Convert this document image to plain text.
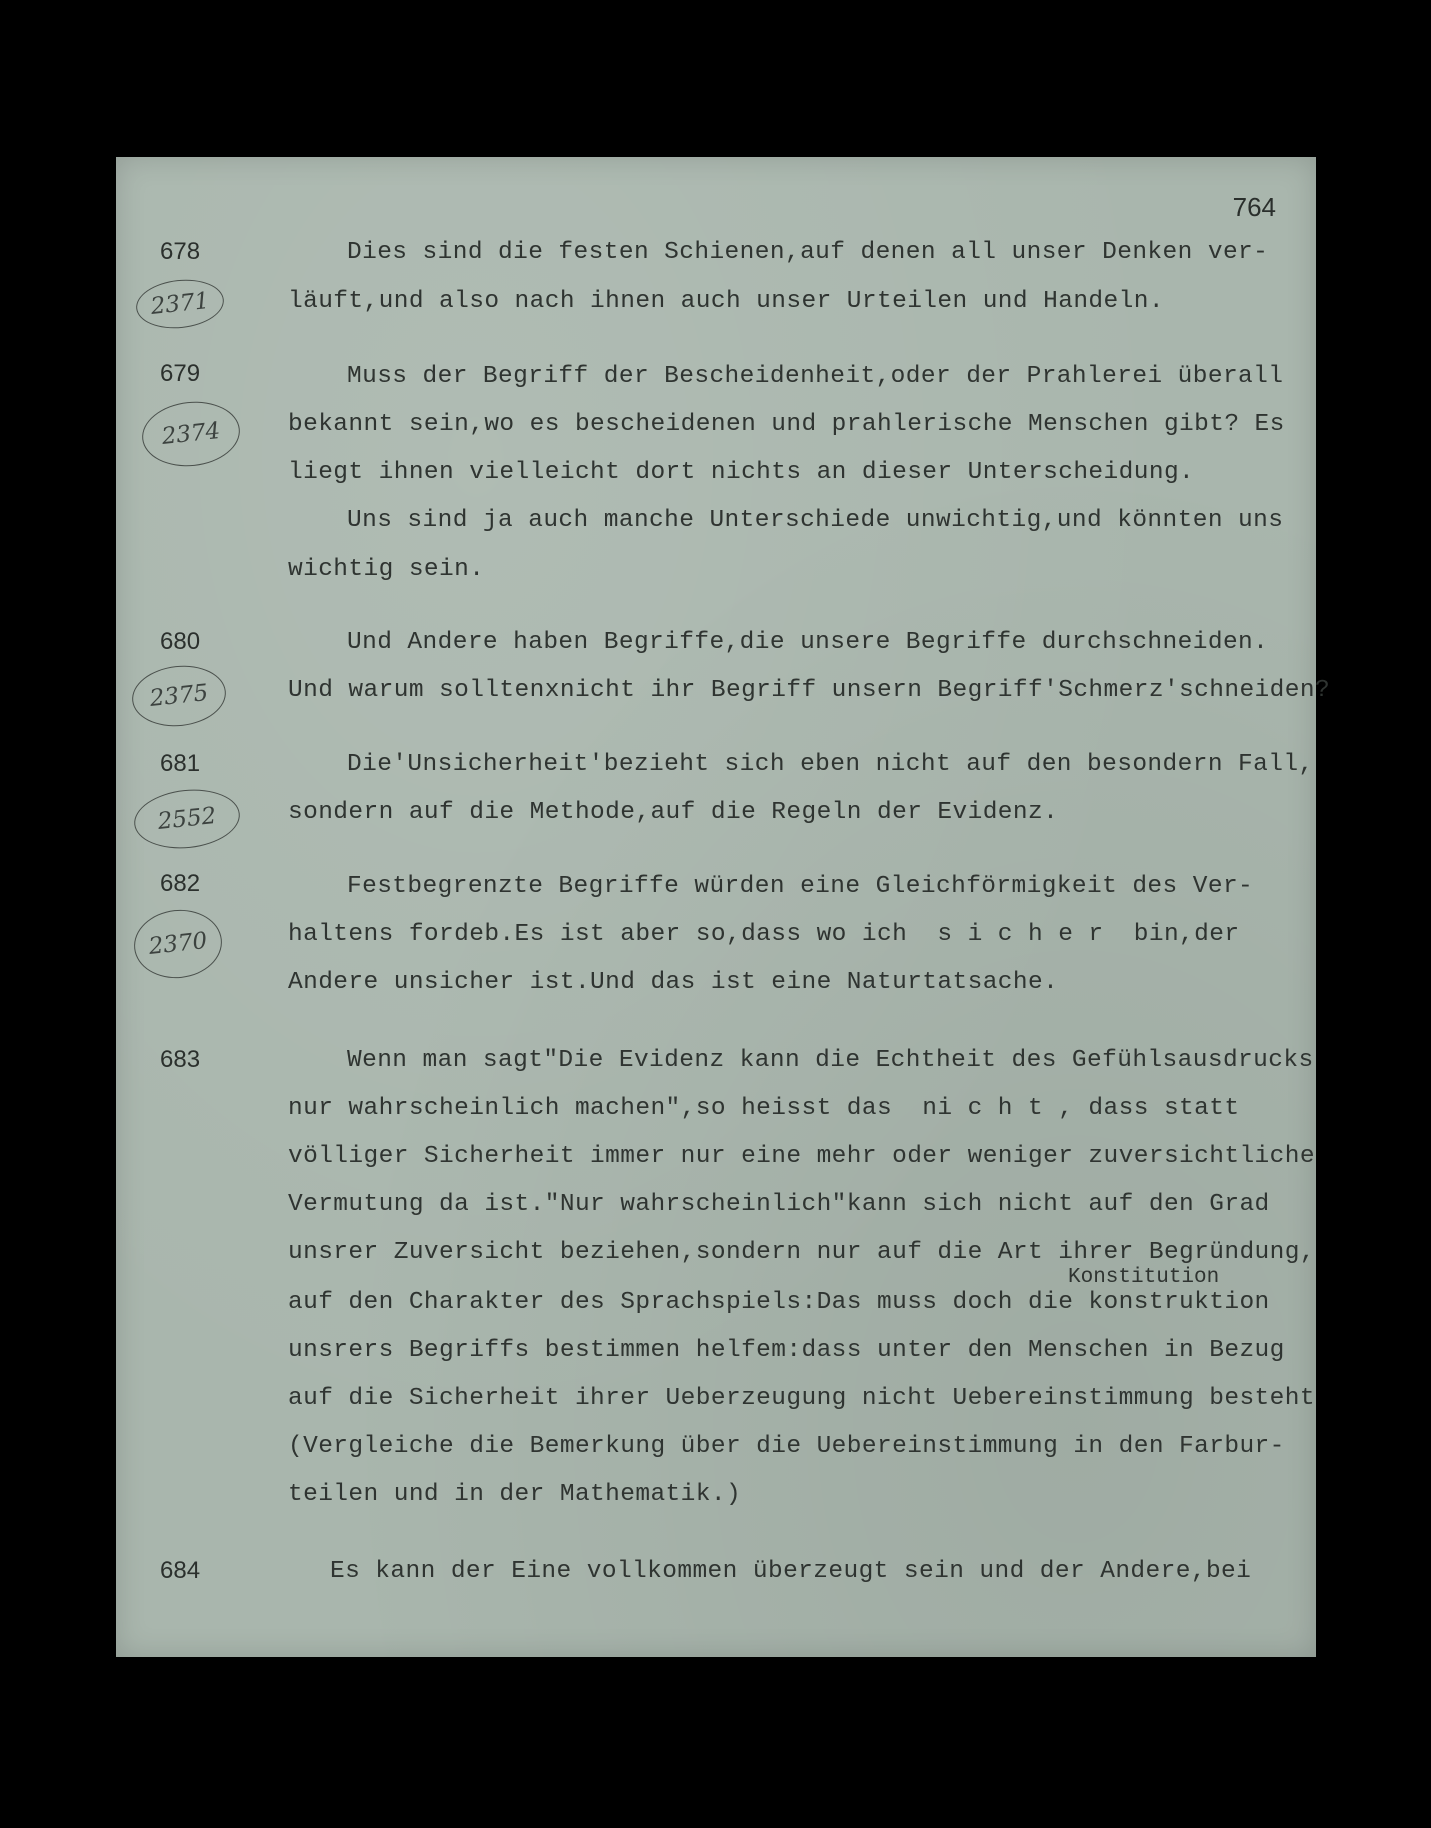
764
678
2371
Dies sind die festen Schienen,auf denen all unser Denken ver-
läuft,und also nach ihnen auch unser Urteilen und Handeln.
679
2374
Muss der Begriff der Bescheidenheit,oder der Prahlerei überall
bekannt sein,wo es bescheidenen und prahlerische Menschen gibt? Es
liegt ihnen vielleicht dort nichts an dieser Unterscheidung.
Uns sind ja auch manche Unterschiede unwichtig,und könnten uns
wichtig sein.
680
2375
Und Andere haben Begriffe,die unsere Begriffe durchschneiden.
Und warum solltenxnicht ihr Begriff unsern Begriff'Schmerz'schneiden?
681
2552
Die'Unsicherheit'bezieht sich eben nicht auf den besondern Fall,
sondern auf die Methode,auf die Regeln der Evidenz.
682
2370
Festbegrenzte Begriffe würden eine Gleichförmigkeit des Ver-
haltens fordeb.Es ist aber so,dass wo ich  s i c h e r  bin,der
Andere unsicher ist.Und das ist eine Naturtatsache.
683	Wenn man sagt"Die Evidenz kann die Echtheit des Gefühlsausdrucks
nur wahrscheinlich machen",so heisst das  ni c h t , dass statt
völliger Sicherheit immer nur eine mehr oder weniger zuversichtliche
Vermutung da ist."Nur wahrscheinlich"kann sich nicht auf den Grad
unsrer Zuversicht beziehen,sondern nur auf die Art ihrer Begründung,
Konstitution
auf den Charakter des Sprachspiels:Das muss doch die konstruktion
unsrers Begriffs bestimmen helfem:dass unter den Menschen in Bezug
auf die Sicherheit ihrer Ueberzeugung nicht Uebereinstimmung besteht
(Vergleiche die Bemerkung über die Uebereinstimmung in den Farbur-
teilen und in der Mathematik.)
684	Es kann der Eine vollkommen überzeugt sein und der Andere,bei
